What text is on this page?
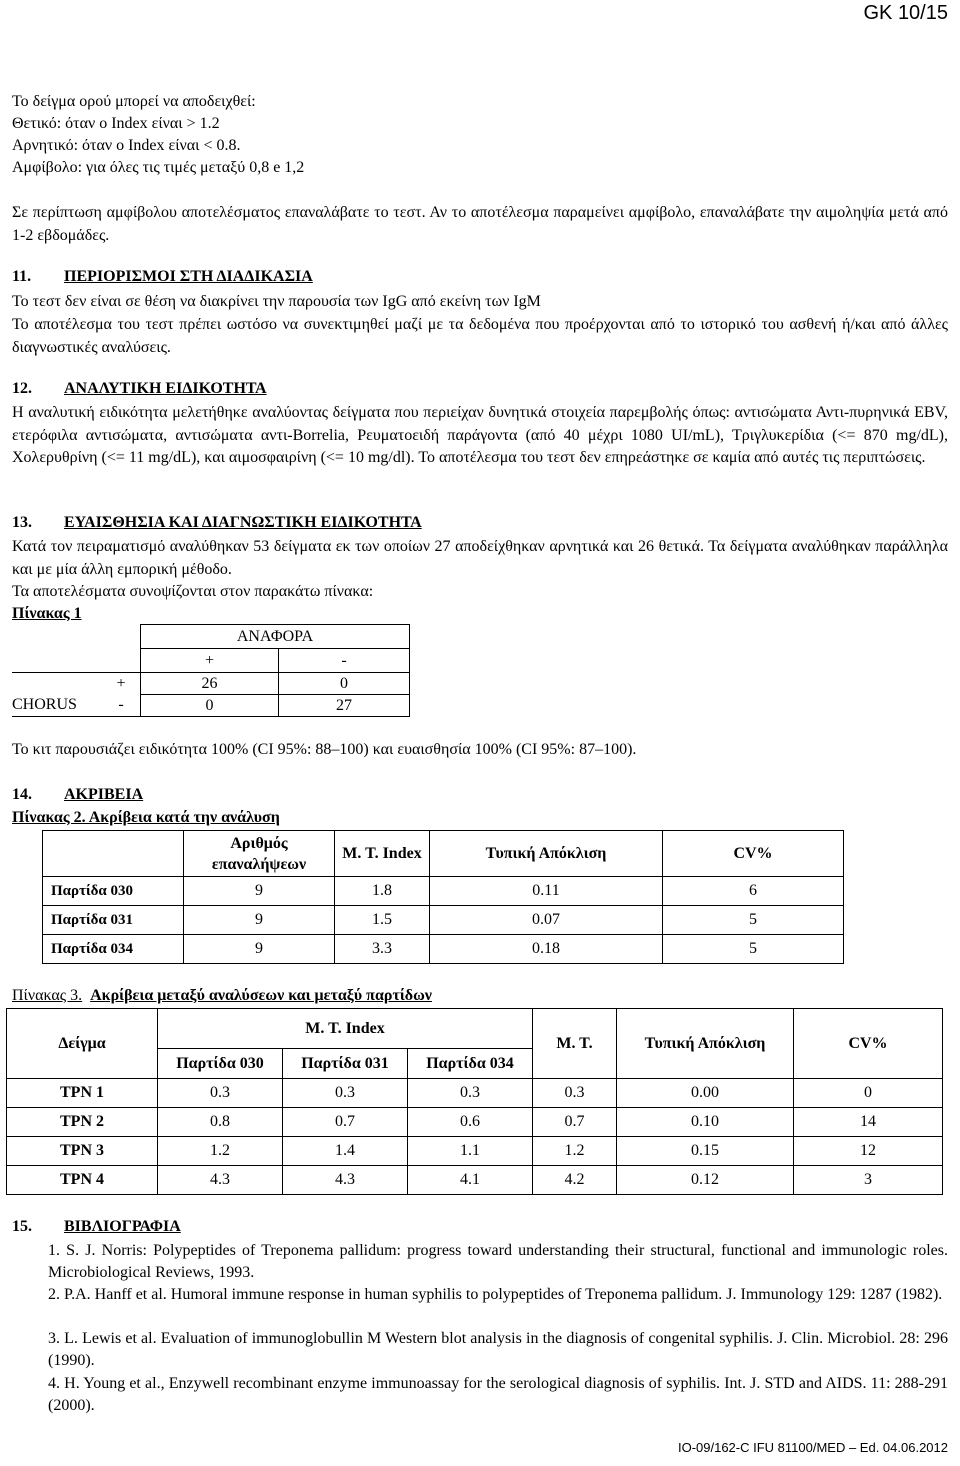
GK 10/15
Το δείγμα ορού μπορεί να αποδειχθεί:
Θετικό: όταν ο Index είναι > 1.2
Αρνητικό: όταν ο Index είναι < 0.8.
Αμφίβολο: για όλες τις τιμές μεταξύ 0,8 e 1,2
Σε περίπτωση αμφίβολου αποτελέσματος επαναλάβατε το τεστ. Αν το αποτέλεσμα παραμείνει αμφίβολο, επαναλάβατε την αιμοληψία μετά από 1-2 εβδομάδες.
11. ΠΕΡΙΟΡΙΣΜΟΙ ΣΤΗ ΔΙΑΔΙΚΑΣΙΑ
Το τεστ δεν είναι σε θέση να διακρίνει την παρουσία των IgG από εκείνη των IgM
Το αποτέλεσμα του τεστ πρέπει ωστόσο να συνεκτιμηθεί μαζί με τα δεδομένα που προέρχονται από το ιστορικό του ασθενή ή/και από άλλες διαγνωστικές αναλύσεις.
12. ΑΝΑΛΥΤΙΚΗ ΕΙΔΙΚΟΤΗΤΑ
Η αναλυτική ειδικότητα μελετήθηκε αναλύοντας δείγματα που περιείχαν δυνητικά στοιχεία παρεμβολής όπως: αντισώματα Αντι-πυρηνικά EBV, ετερόφιλα αντισώματα, αντισώματα αντι-Borrelia, Ρευματοειδή παράγοντα (από 40 μέχρι 1080 UI/mL), Τριγλυκερίδια (<= 870 mg/dL), Χολερυθρίνη (<= 11 mg/dL), και αιμοσφαιρίνη (<= 10 mg/dl). Το αποτέλεσμα του τεστ δεν επηρεάστηκε σε καμία από αυτές τις περιπτώσεις.
13. ΕΥΑΙΣΘΗΣΙΑ ΚΑΙ ΔΙΑΓΝΩΣΤΙΚΗ ΕΙΔΙΚΟΤΗΤΑ
Κατά τον πειραματισμό αναλύθηκαν 53 δείγματα εκ των οποίων 27 αποδείχθηκαν αρνητικά και 26 θετικά. Τα δείγματα αναλύθηκαν παράλληλα και με μία άλλη εμπορική μέθοδο.
Τα αποτελέσματα συνοψίζονται στον παρακάτω πίνακα:
Πίνακας 1
		ΑΝΑΦΟΡΑ	
		+	-
	+	26	0
CHORUS	-	0	27
Το κιτ παρουσιάζει ειδικότητα 100% (CI 95%: 88–100) και ευαισθησία 100% (CI 95%: 87–100).
14. ΑΚΡΙΒΕΙΑ
Πίνακας 2. Ακρίβεια κατά την ανάλυση
	Αριθμός επαναλήψεων	M. T. Index	Τυπική Απόκλιση	CV%
Παρτίδα 030	9	1.8	0.11	6
Παρτίδα 031	9	1.5	0.07	5
Παρτίδα 034	9	3.3	0.18	5
Πίνακας 3. Ακρίβεια μεταξύ αναλύσεων και μεταξύ παρτίδων
Δείγμα	M. T. Index			M. T.	Τυπική Απόκλιση	CV%
	Παρτίδα 030	Παρτίδα 031	Παρτίδα 034			
TPN 1	0.3	0.3	0.3	0.3	0.00	0
TPN 2	0.8	0.7	0.6	0.7	0.10	14
TPN 3	1.2	1.4	1.1	1.2	0.15	12
TPN 4	4.3	4.3	4.1	4.2	0.12	3
15. ΒΙΒΛΙΟΓΡΑΦΙΑ
1. S. J. Norris: Polypeptides of Treponema pallidum: progress toward understanding their structural, functional and immunologic roles. Microbiological Reviews, 1993.
2. P.A. Hanff et al. Humoral immune response in human syphilis to polypeptides of Treponema pallidum. J. Immunology 129: 1287 (1982).
3. L. Lewis et al. Evaluation of immunoglobullin M Western blot analysis in the diagnosis of congenital syphilis. J. Clin. Microbiol. 28: 296 (1990).
4. H. Young et al., Enzywell recombinant enzyme immunoassay for the serological diagnosis of syphilis. Int. J. STD and AIDS. 11: 288-291 (2000).
IO-09/162-C IFU 81100/MED – Ed. 04.06.2012
